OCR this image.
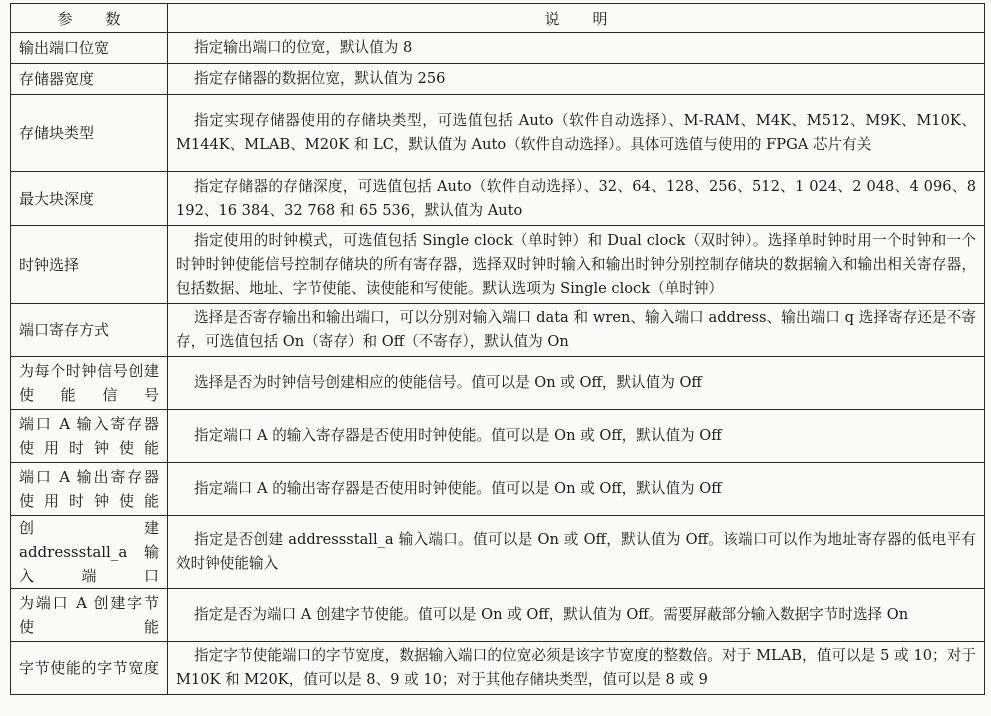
参数	说明
输出端口位宽	指定输出端口的位宽，默认值为 8

存储器宽度	指定存储器的数据位宽，默认值为 256

存储块类型	指定实现存储器使用的存储块类型，可选值包括 Auto（软件自动选择）、M-RAM、M4K、M512、M9K、M10K、M144K、MLAB、M20K 和 LC，默认值为 Auto（软件自动选择）。具体可选值与使用的 FPGA 芯片有关

最大块深度	指定存储器的存储深度，可选值包括 Auto（软件自动选择）、32、64、128、256、512、1 024、2 048、4 096、8 192、16 384、32 768 和 65 536，默认值为 Auto

时钟选择	指定使用的时钟模式，可选值包括 Single clock（单时钟）和 Dual clock（双时钟）。选择单时钟时用一个时钟和一个时钟时钟使能信号控制存储块的所有寄存器，选择双时钟时输入和输出时钟分别控制存储块的数据输入和输出相关寄存器，包括数据、地址、字节使能、读使能和写使能。默认选项为 Single clock（单时钟）

端口寄存方式	选择是否寄存输出和输出端口，可以分别对输入端口 data 和 wren、输入端口 address、输出端口 q 选择寄存还是不寄存，可选值包括 On（寄存）和 Off（不寄存），默认值为 On

为每个时钟信号创建使能信号	选择是否为时钟信号创建相应的使能信号。值可以是 On 或 Off，默认值为 Off

端口 A 输入寄存器使用时钟使能	指定端口 A 的输入寄存器是否使用时钟使能。值可以是 On 或 Off，默认值为 Off

端口 A 输出寄存器使用时钟使能	指定端口 A 的输出寄存器是否使用时钟使能。值可以是 On 或 Off，默认值为 Off

创建 addressstall_a 输入端口	指定是否创建 addressstall_a 输入端口。值可以是 On 或 Off，默认值为 Off。该端口可以作为地址寄存器的低电平有效时钟使能输入

为端口 A 创建字节使能	指定是否为端口 A 创建字节使能。值可以是 On 或 Off，默认值为 Off。需要屏蔽部分输入数据字节时选择 On

字节使能的字节宽度	指定字节使能端口的字节宽度，数据输入端口的位宽必须是该字节宽度的整数倍。对于 MLAB，值可以是 5 或 10；对于 M10K 和 M20K，值可以是 8、9 或 10；对于其他存储块类型，值可以是 8 或 9
